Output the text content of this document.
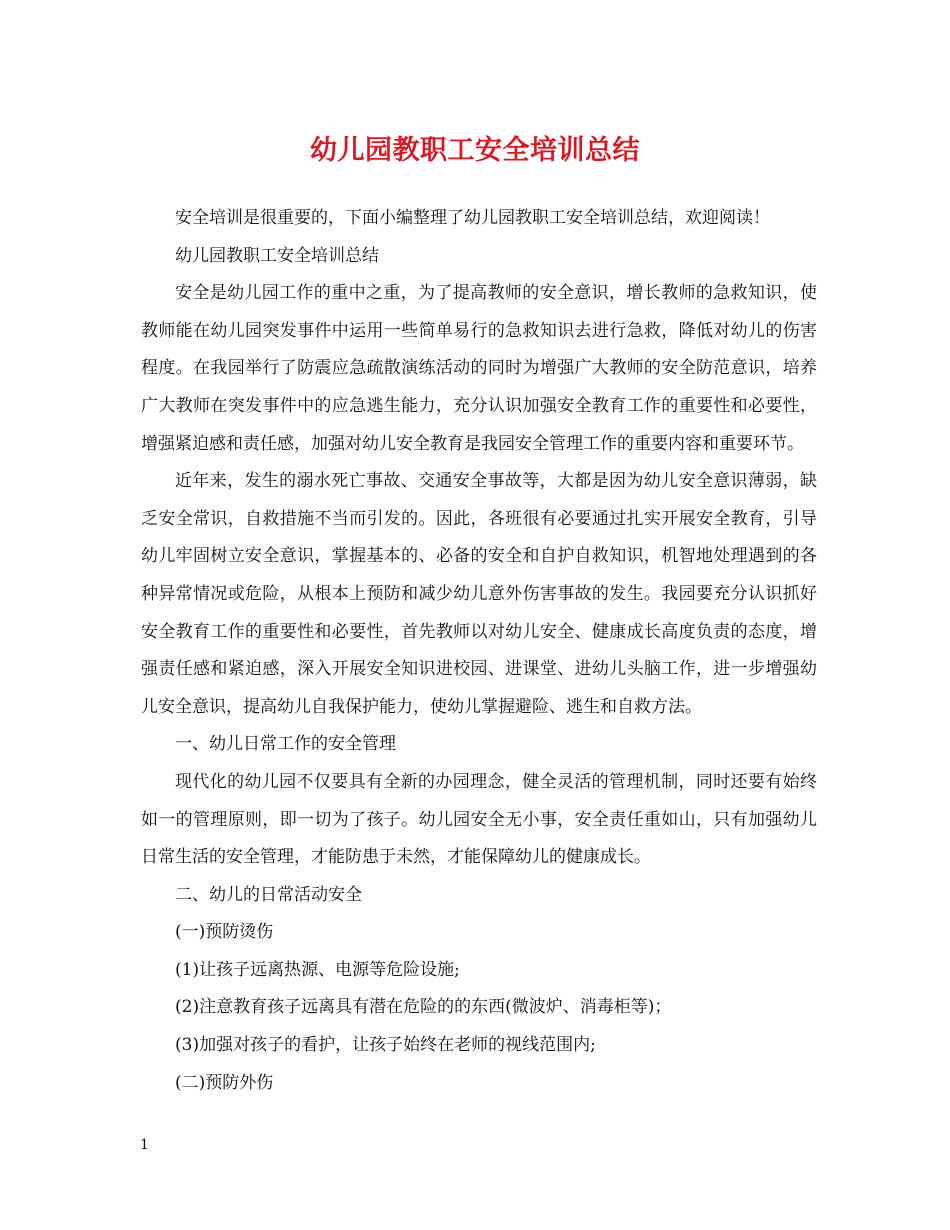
幼儿园教职工安全培训总结

安全培训是很重要的，下面小编整理了幼儿园教职工安全培训总结，欢迎阅读！

幼儿园教职工安全培训总结

安全是幼儿园工作的重中之重，为了提高教师的安全意识，增长教师的急救知识，使教师能在幼儿园突发事件中运用一些简单易行的急救知识去进行急救，降低对幼儿的伤害程度。在我园举行了防震应急疏散演练活动的同时为增强广大教师的安全防范意识，培养广大教师在突发事件中的应急逃生能力，充分认识加强安全教育工作的重要性和必要性，增强紧迫感和责任感，加强对幼儿安全教育是我园安全管理工作的重要内容和重要环节。

近年来，发生的溺水死亡事故、交通安全事故等，大都是因为幼儿安全意识薄弱，缺乏安全常识，自救措施不当而引发的。因此，各班很有必要通过扎实开展安全教育，引导幼儿牢固树立安全意识，掌握基本的、必备的安全和自护自救知识，机智地处理遇到的各种异常情况或危险，从根本上预防和减少幼儿意外伤害事故的发生。我园要充分认识抓好安全教育工作的重要性和必要性，首先教师以对幼儿安全、健康成长高度负责的态度，增强责任感和紧迫感，深入开展安全知识进校园、进课堂、进幼儿头脑工作，进一步增强幼儿安全意识，提高幼儿自我保护能力，使幼儿掌握避险、逃生和自救方法。

一、幼儿日常工作的安全管理

现代化的幼儿园不仅要具有全新的办园理念，健全灵活的管理机制，同时还要有始终如一的管理原则，即一切为了孩子。幼儿园安全无小事，安全责任重如山，只有加强幼儿日常生活的安全管理，才能防患于未然，才能保障幼儿的健康成长。

二、幼儿的日常活动安全

(一)预防烫伤

(1)让孩子远离热源、电源等危险设施;

(2)注意教育孩子远离具有潜在危险的的东西(微波炉、消毒柜等)；

(3)加强对孩子的看护，让孩子始终在老师的视线范围内;

(二)预防外伤

1
